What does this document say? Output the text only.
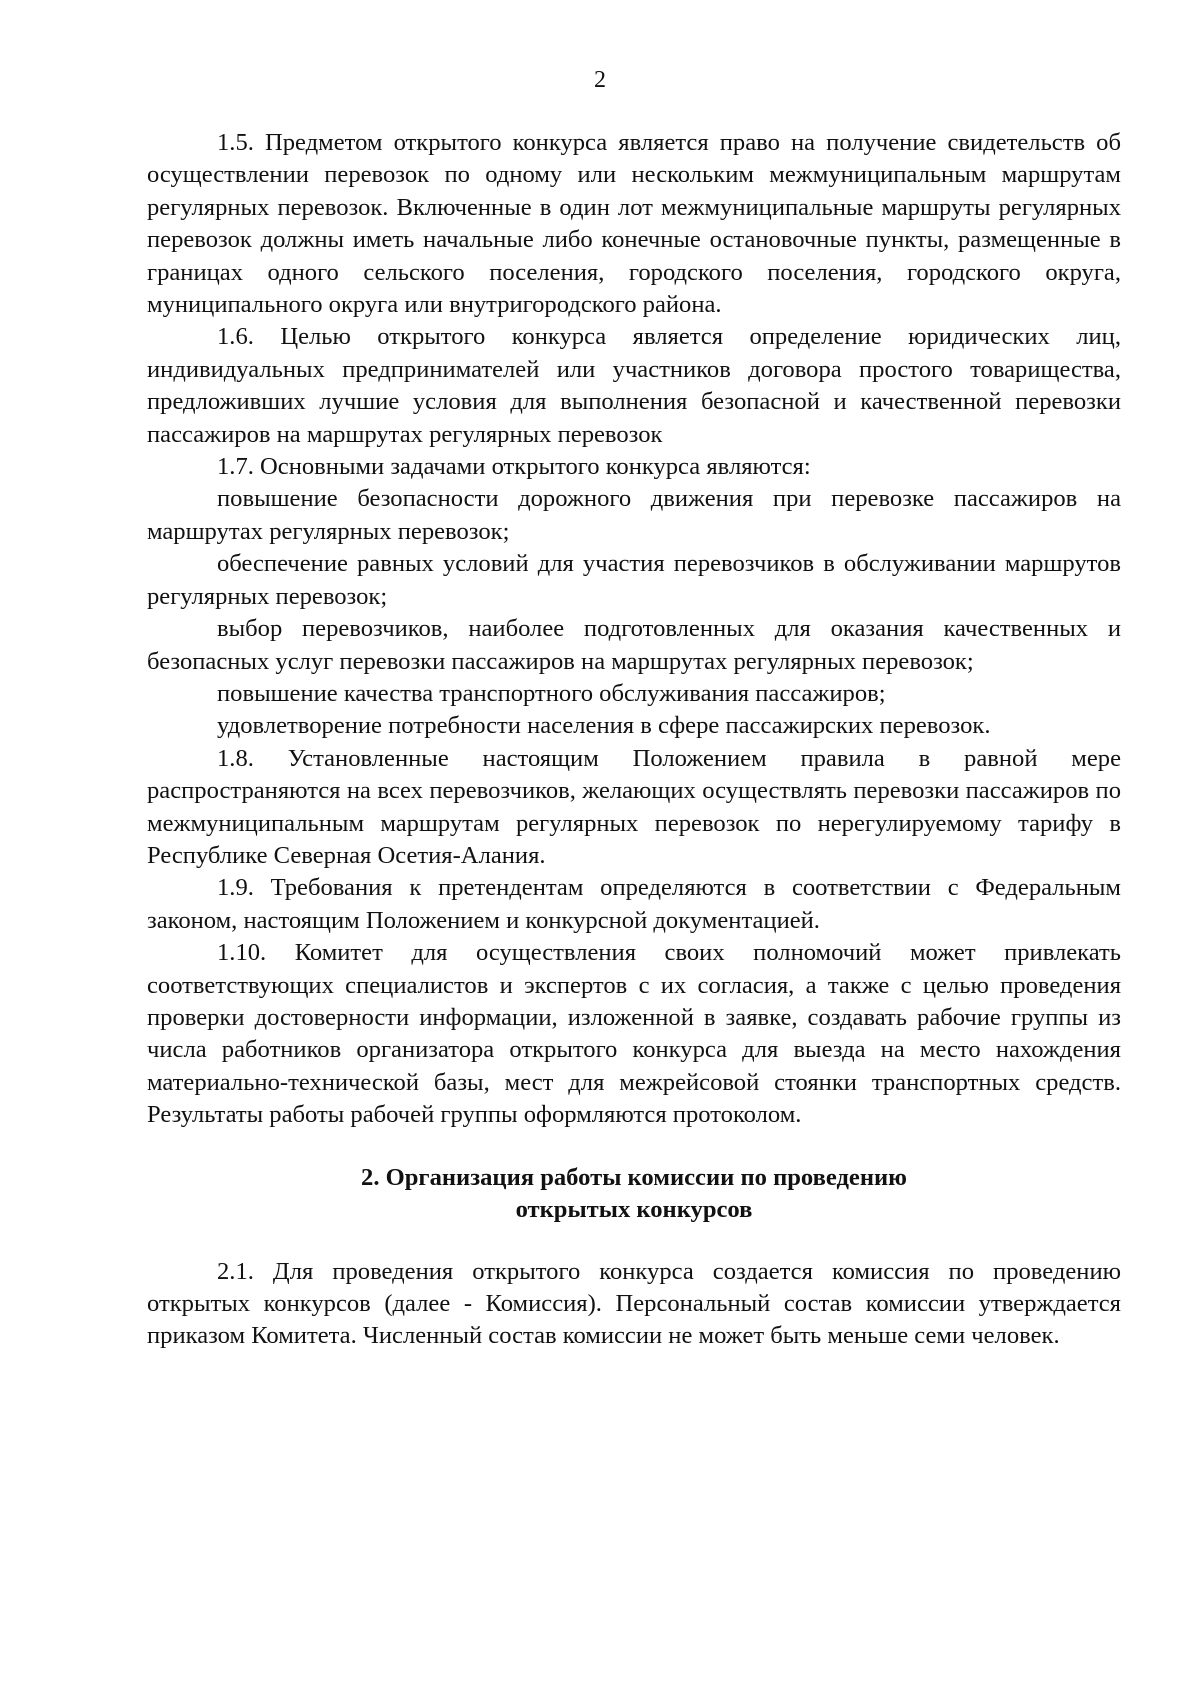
2

1.5. Предметом открытого конкурса является право на получение свидетельств об осуществлении перевозок по одному или нескольким межмуниципальным маршрутам регулярных перевозок. Включенные в один лот межмуниципальные маршруты регулярных перевозок должны иметь начальные либо конечные остановочные пункты, размещенные в границах одного сельского поселения, городского поселения, городского округа, муниципального округа или внутригородского района.

1.6. Целью открытого конкурса является определение юридических лиц, индивидуальных предпринимателей или участников договора простого товарищества, предложивших лучшие условия для выполнения безопасной и качественной перевозки пассажиров на маршрутах регулярных перевозок

1.7. Основными задачами открытого конкурса являются:

повышение безопасности дорожного движения при перевозке пассажиров на маршрутах регулярных перевозок;

обеспечение равных условий для участия перевозчиков в обслуживании маршрутов регулярных перевозок;

выбор перевозчиков, наиболее подготовленных для оказания качественных и безопасных услуг перевозки пассажиров на маршрутах регулярных перевозок;

повышение качества транспортного обслуживания пассажиров;

удовлетворение потребности населения в сфере пассажирских перевозок.

1.8. Установленные настоящим Положением правила в равной мере распространяются на всех перевозчиков, желающих осуществлять перевозки пассажиров по межмуниципальным маршрутам регулярных перевозок по нерегулируемому тарифу в Республике Северная Осетия-Алания.

1.9. Требования к претендентам определяются в соответствии с Федеральным законом, настоящим Положением и конкурсной документацией.

1.10. Комитет для осуществления своих полномочий может привлекать соответствующих специалистов и экспертов с их согласия, а также с целью проведения проверки достоверности информации, изложенной в заявке, создавать рабочие группы из числа работников организатора открытого конкурса для выезда на место нахождения материально-технической базы, мест для межрейсовой стоянки транспортных средств. Результаты работы рабочей группы оформляются протоколом.

2. Организация работы комиссии по проведению
открытых конкурсов

2.1. Для проведения открытого конкурса создается комиссия по проведению открытых конкурсов (далее - Комиссия). Персональный состав комиссии утверждается приказом Комитета. Численный состав комиссии не может быть меньше семи человек.
